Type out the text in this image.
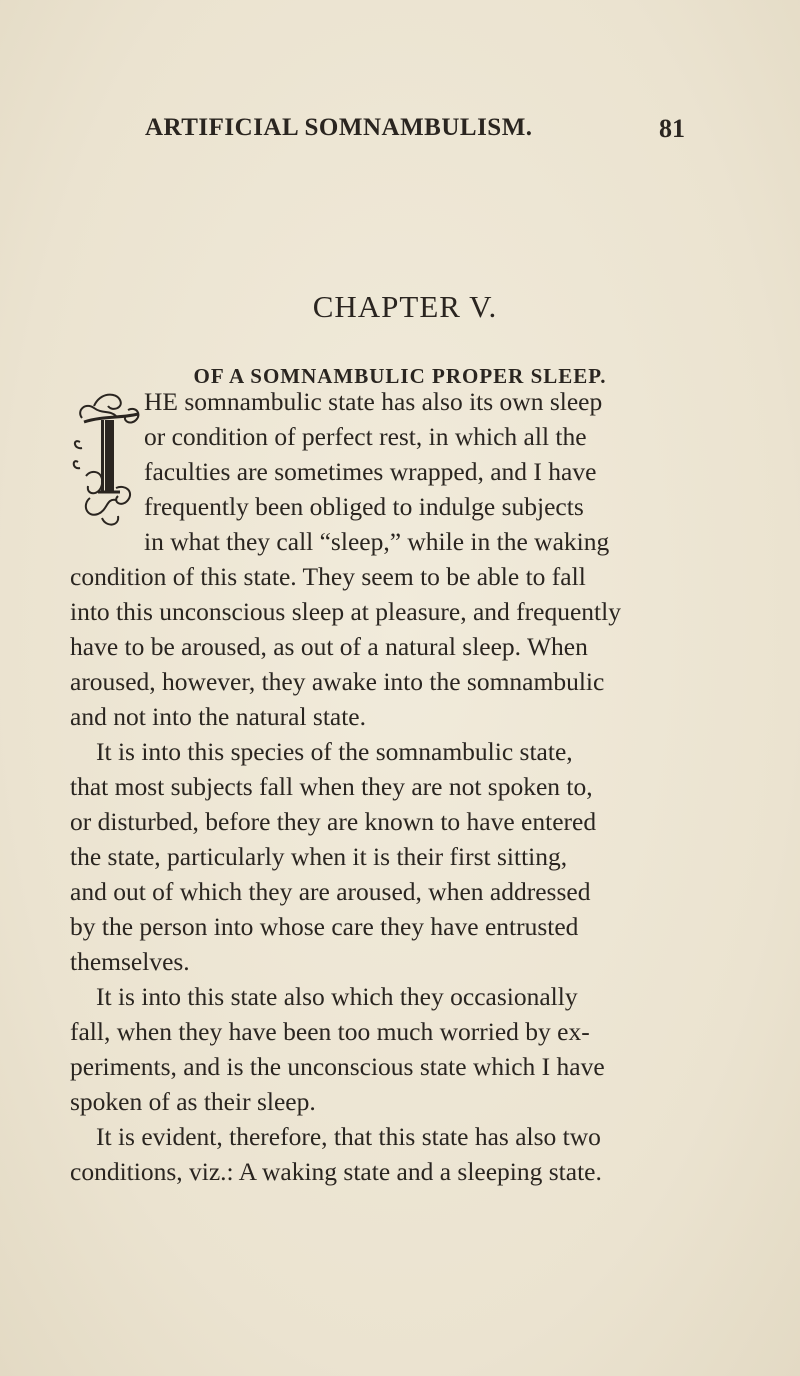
ARTIFICIAL SOMNAMBULISM.	81
CHAPTER V.
OF A SOMNAMBULIC PROPER SLEEP.
T
HE somnambulic state has also its own sleep
or condition of perfect rest, in which all the
faculties are sometimes wrapped, and I have
frequently been obliged to indulge subjects
in what they call “sleep,” while in the waking
condition of this state. They seem to be able to fall
into this unconscious sleep at pleasure, and frequently
have to be aroused, as out of a natural sleep. When
aroused, however, they awake into the somnambulic
and not into the natural state.
It is into this species of the somnambulic state,
that most subjects fall when they are not spoken to,
or disturbed, before they are known to have entered
the state, particularly when it is their first sitting,
and out of which they are aroused, when addressed
by the person into whose care they have entrusted
themselves.
It is into this state also which they occasionally
fall, when they have been too much worried by ex-
periments, and is the unconscious state which I have
spoken of as their sleep.
It is evident, therefore, that this state has also two
conditions, viz.: A waking state and a sleeping state.
